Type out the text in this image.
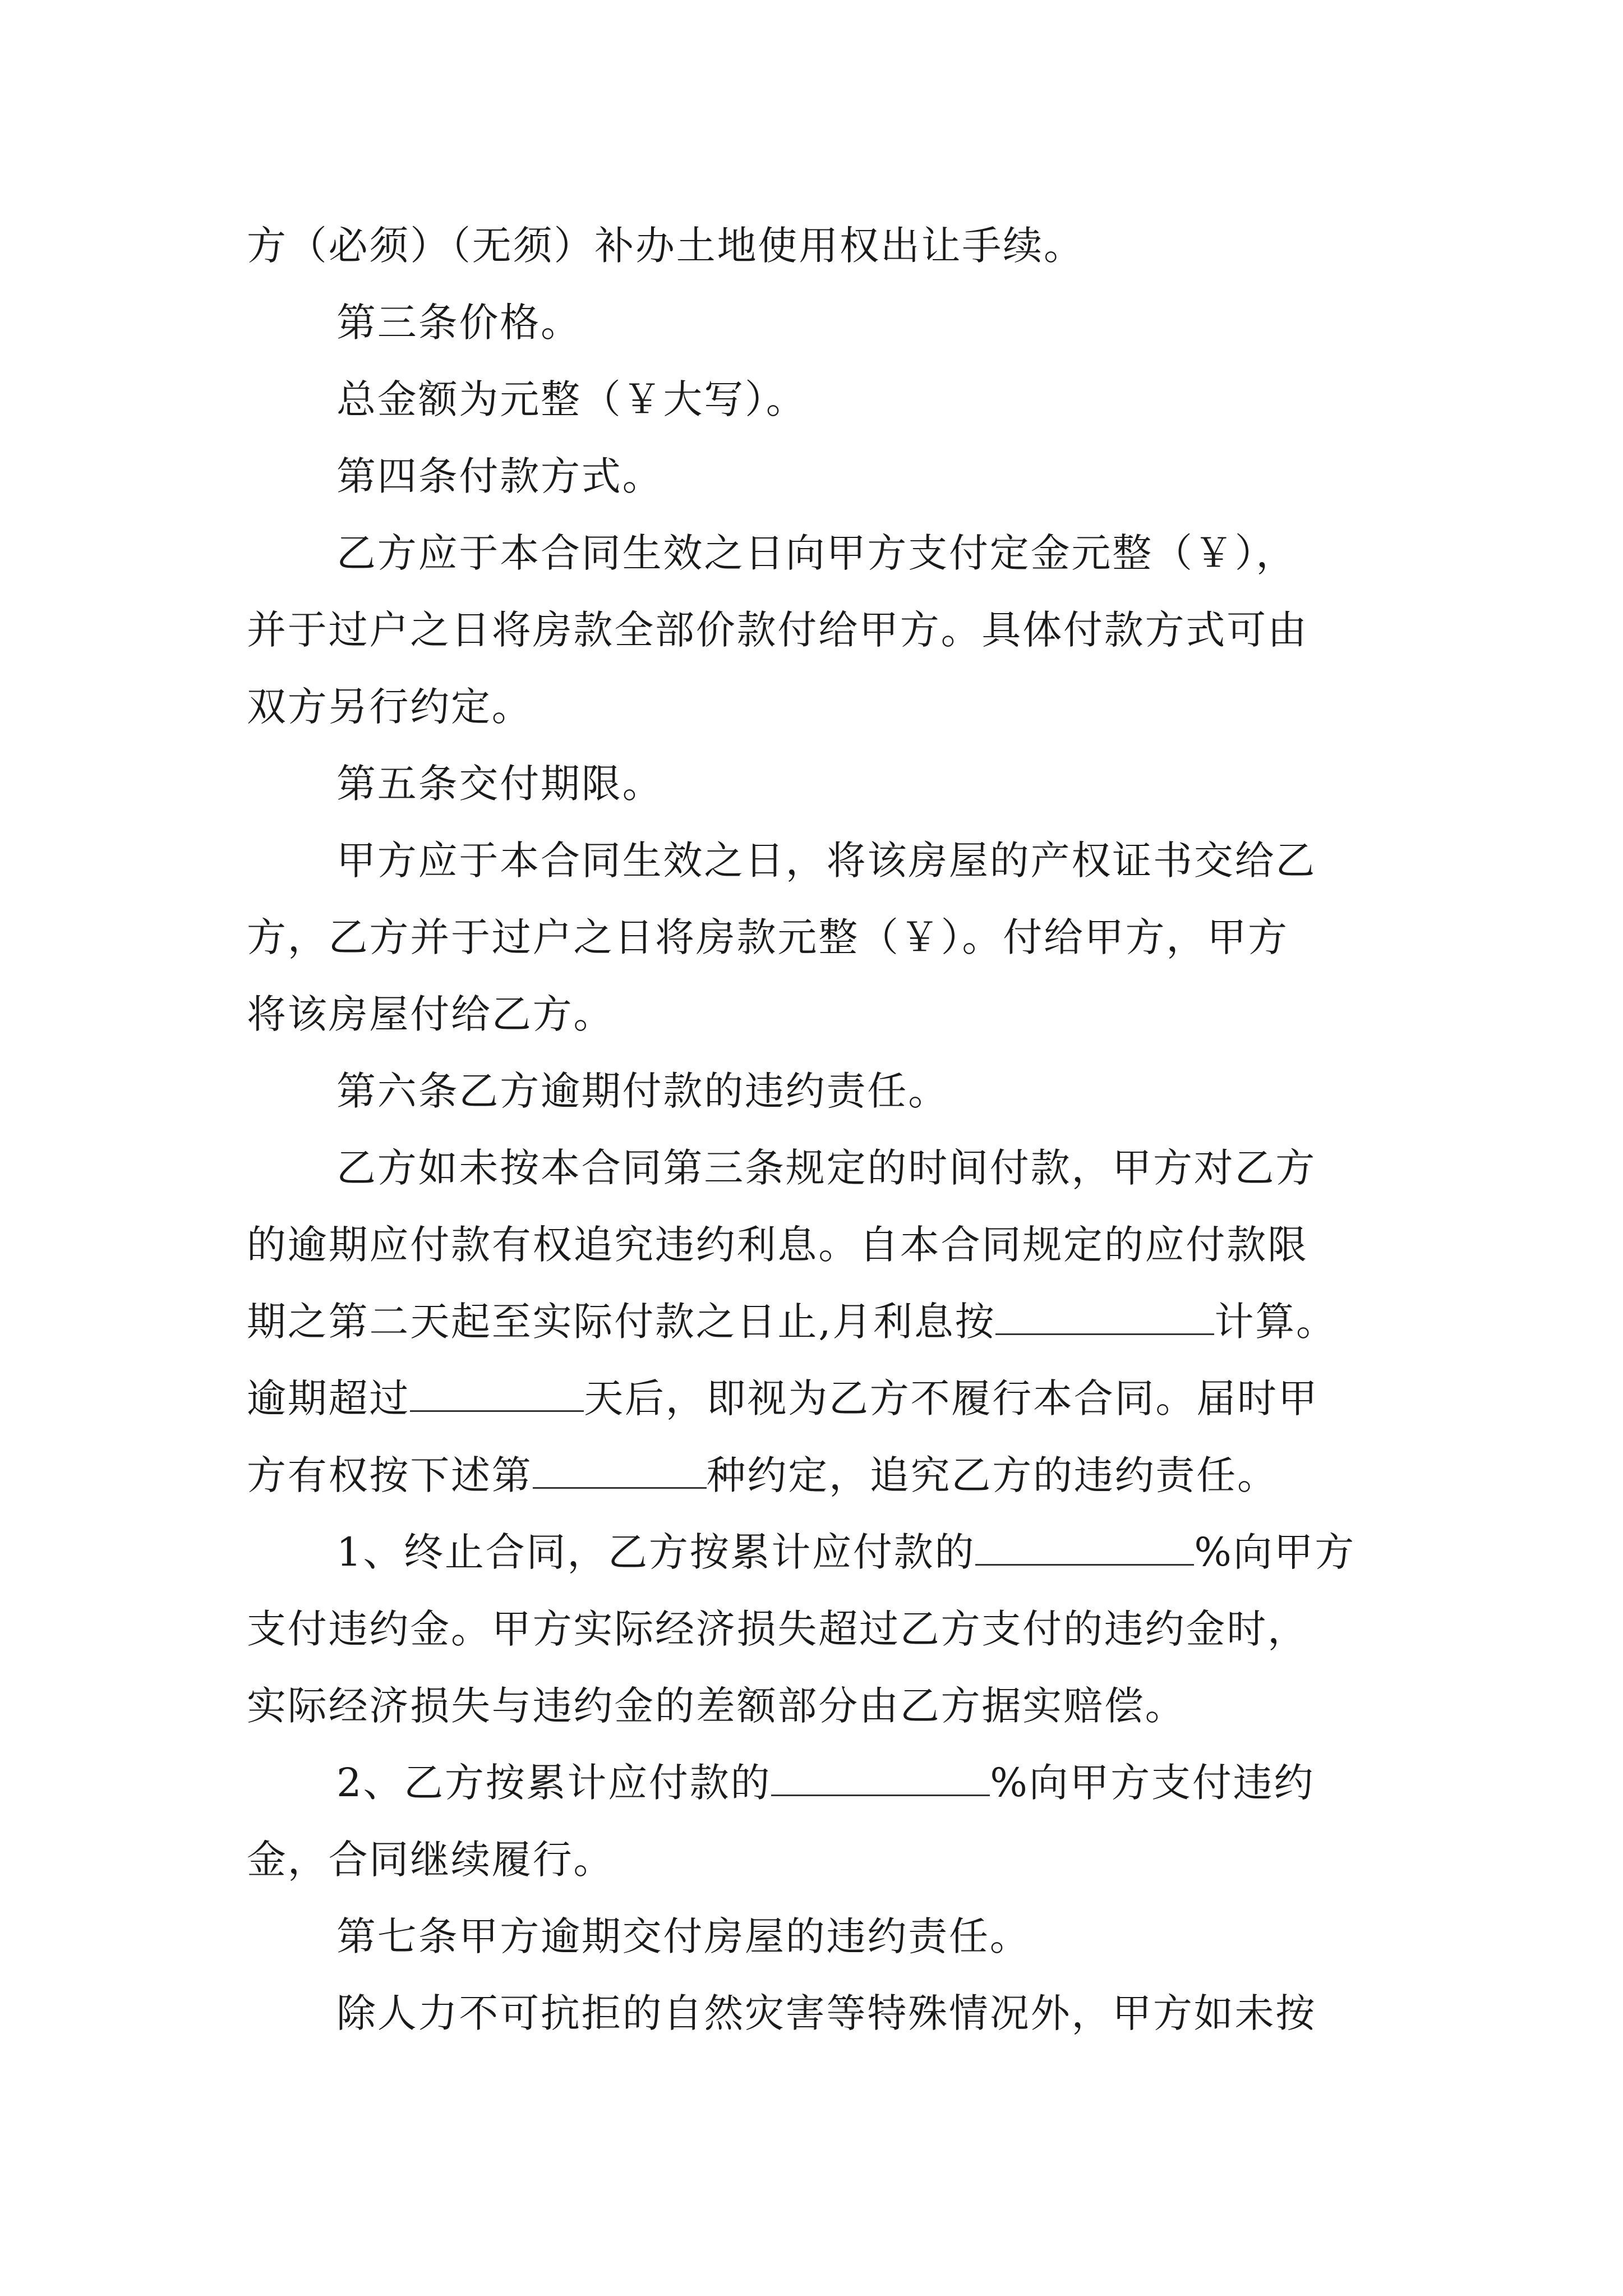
方（必须）（无须）补办土地使用权出让手续。
第三条价格。
总金额为元整（￥大写）。
第四条付款方式。
乙方应于本合同生效之日向甲方支付定金元整（￥），
并于过户之日将房款全部价款付给甲方。具体付款方式可由
双方另行约定。
第五条交付期限。
甲方应于本合同生效之日，将该房屋的产权证书交给乙
方，乙方并于过户之日将房款元整（￥）。付给甲方，甲方
将该房屋付给乙方。
第六条乙方逾期付款的违约责任。
乙方如未按本合同第三条规定的时间付款，甲方对乙方
的逾期应付款有权追究违约利息。自本合同规定的应付款限
期之第二天起至实际付款之日止,月利息按	计算。
逾期超过	天后，即视为乙方不履行本合同。届时甲
方有权按下述第	种约定，追究乙方的违约责任。
1、终止合同，乙方按累计应付款的	%向甲方
支付违约金。甲方实际经济损失超过乙方支付的违约金时，
实际经济损失与违约金的差额部分由乙方据实赔偿。
2、乙方按累计应付款的	%向甲方支付违约
金，合同继续履行。
第七条甲方逾期交付房屋的违约责任。
除人力不可抗拒的自然灾害等特殊情况外，甲方如未按
